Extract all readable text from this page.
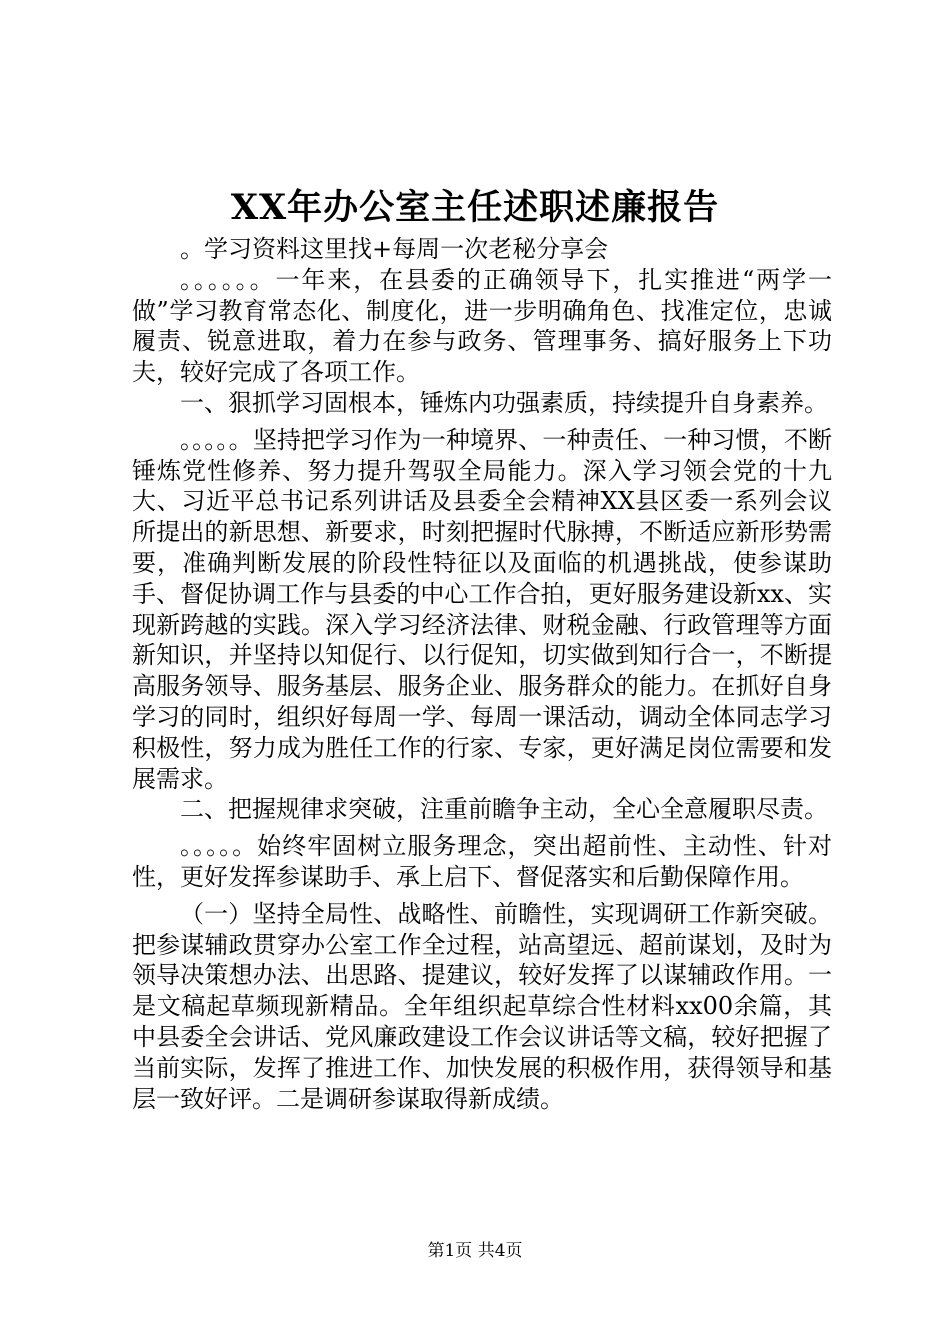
XX年办公室主任述职述廉报告

。学习资料这里找+每周一次老秘分享会

。。。。。。一年来，在县委的正确领导下，扎实推进“两学一做”学习教育常态化、制度化，进一步明确角色、找准定位，忠诚履责、锐意进取，着力在参与政务、管理事务、搞好服务上下功夫，较好完成了各项工作。

一、狠抓学习固根本，锤炼内功强素质，持续提升自身素养。

。。。。。坚持把学习作为一种境界、一种责任、一种习惯，不断锤炼党性修养、努力提升驾驭全局能力。深入学习领会党的十九大、习近平总书记系列讲话及县委全会精神XX县区委一系列会议所提出的新思想、新要求，时刻把握时代脉搏，不断适应新形势需要，准确判断发展的阶段性特征以及面临的机遇挑战，使参谋助手、督促协调工作与县委的中心工作合拍，更好服务建设新xx、实现新跨越的实践。深入学习经济法律、财税金融、行政管理等方面新知识，并坚持以知促行、以行促知，切实做到知行合一，不断提高服务领导、服务基层、服务企业、服务群众的能力。在抓好自身学习的同时，组织好每周一学、每周一课活动，调动全体同志学习积极性，努力成为胜任工作的行家、专家，更好满足岗位需要和发展需求。

二、把握规律求突破，注重前瞻争主动，全心全意履职尽责。

。。。。。始终牢固树立服务理念，突出超前性、主动性、针对性，更好发挥参谋助手、承上启下、督促落实和后勤保障作用。

（一）坚持全局性、战略性、前瞻性，实现调研工作新突破。把参谋辅政贯穿办公室工作全过程，站高望远、超前谋划，及时为领导决策想办法、出思路、提建议，较好发挥了以谋辅政作用。一是文稿起草频现新精品。全年组织起草综合性材料xx00余篇，其中县委全会讲话、党风廉政建设工作会议讲话等文稿，较好把握了当前实际，发挥了推进工作、加快发展的积极作用，获得领导和基层一致好评。二是调研参谋取得新成绩。

第1页 共4页
